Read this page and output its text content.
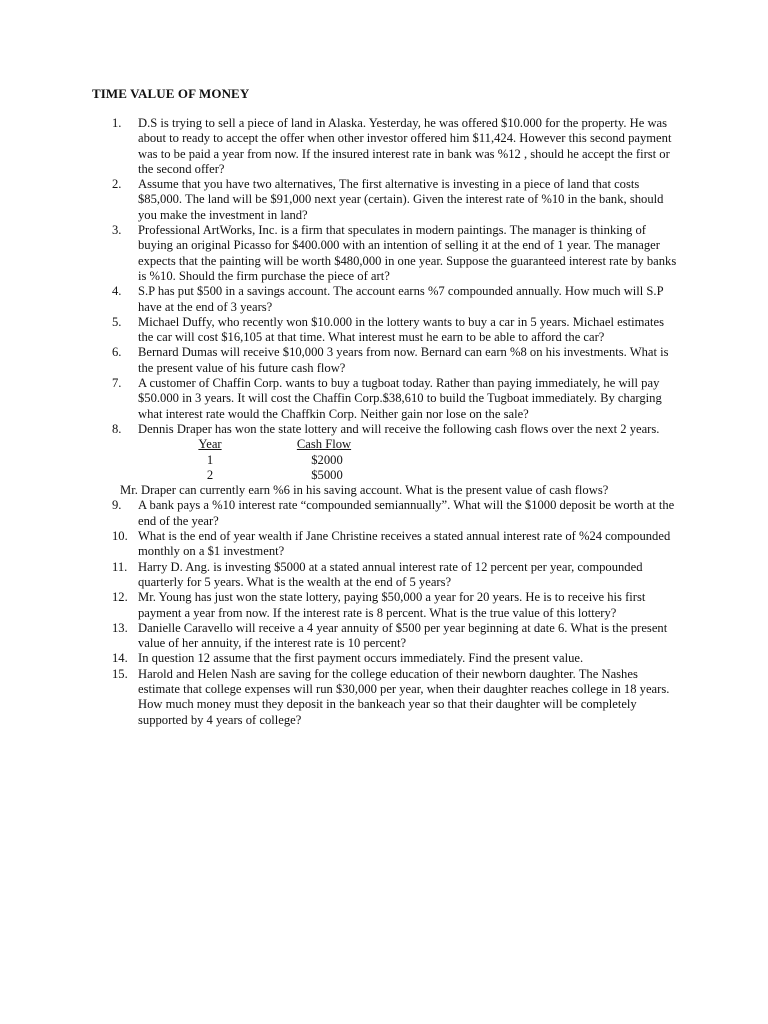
TIME VALUE OF MONEY
1. D.S is trying to sell a piece of land in Alaska. Yesterday, he was offered $10.000 for the property. He was about to ready to accept the offer when other investor offered him $11,424. However this second payment was to be paid a year from now. If the insured interest rate in bank was %12 , should he accept the first or the second offer?
2. Assume that you have two alternatives, The first alternative is investing in a piece of land that costs $85,000. The land will be $91,000 next year (certain). Given the interest rate of %10 in the bank, should you make the investment in land?
3. Professional ArtWorks, Inc. is a firm that speculates in modern paintings. The manager is thinking of buying an original Picasso for $400.000 with an intention of selling it at the end of 1 year. The manager expects that the painting will be worth $480,000 in one year. Suppose the guaranteed interest rate by banks is %10. Should the firm purchase the piece of art?
4. S.P has put $500 in a savings account. The account earns %7 compounded annually. How much will S.P have at the end of 3 years?
5. Michael Duffy, who recently won $10.000 in the lottery wants to buy a car in 5 years. Michael estimates the car will cost $16,105 at that time. What interest must he earn to be able to afford the car?
6. Bernard Dumas will receive $10,000 3 years from now. Bernard can earn %8 on his investments. What is the present value of his future cash flow?
7. A customer of Chaffin Corp. wants to buy a tugboat today. Rather than paying immediately, he will pay $50.000 in 3 years. It will cost the Chaffin Corp.$38,610 to build the Tugboat immediately. By charging what interest rate would the Chaffkin Corp. Neither gain nor lose on the sale?
8. Dennis Draper has won the state lottery and will receive the following cash flows over the next 2 years.
Year	Cash Flow
1	$2000
2	$5000
Mr. Draper can currently earn %6 in his saving account. What is the present value of cash flows?
9. A bank pays a %10 interest rate “compounded semiannually”. What will the $1000 deposit be worth at the end of the year?
10. What is the end of year wealth if Jane Christine receives a stated annual interest rate of %24 compounded monthly on a $1 investment?
11. Harry D. Ang. is investing $5000 at a stated annual interest rate of 12 percent per year, compounded quarterly for 5 years. What is the wealth at the end of 5 years?
12. Mr. Young has just won the state lottery, paying $50,000 a year for 20 years. He is to receive his first payment a year from now. If the interest rate is 8 percent. What is the true value of this lottery?
13. Danielle Caravello will receive a 4 year annuity of $500 per year beginning at date 6. What is the present value of her annuity, if the interest rate is 10 percent?
14. In question 12 assume that the first payment occurs immediately. Find the present value.
15. Harold and Helen Nash are saving for the college education of their newborn daughter. The Nashes estimate that college expenses will run $30,000 per year, when their daughter reaches college in 18 years. How much money must they deposit in the bankeach year so that their daughter will be completely supported by 4 years of college?
